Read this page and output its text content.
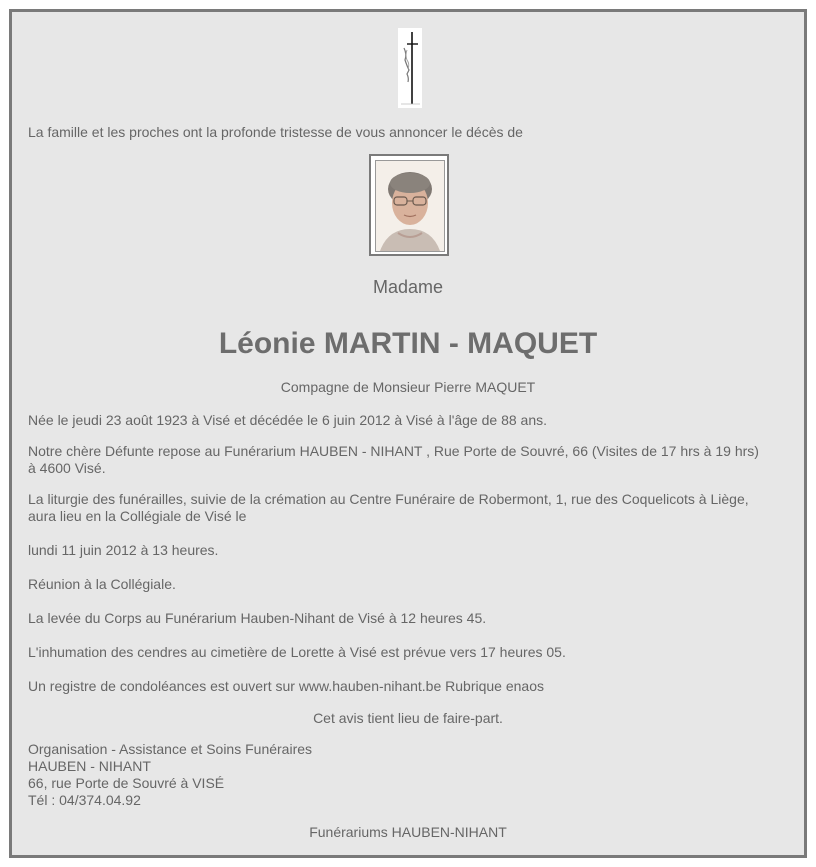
La famille et les proches ont la profonde tristesse de vous annoncer le décès de

Madame

Léonie MARTIN - MAQUET

Compagne de Monsieur Pierre MAQUET

Née le jeudi 23 août 1923 à Visé et décédée le 6 juin 2012 à Visé à l'âge de 88 ans.

Notre chère Défunte repose au Funérarium HAUBEN - NIHANT , Rue Porte de Souvré, 66 (Visites de 17 hrs à 19 hrs)
à 4600 Visé.
La liturgie des funérailles, suivie de la crémation au Centre Funéraire de Robermont, 1, rue des Coquelicots à Liège,
aura lieu en la Collégiale de Visé le

lundi 11 juin 2012 à 13 heures.

Réunion à la Collégiale.

La levée du Corps au Funérarium Hauben-Nihant de Visé à 12 heures 45.

L'inhumation des cendres au cimetière de Lorette à Visé est prévue vers 17 heures 05.

Un registre de condoléances est ouvert sur www.hauben-nihant.be Rubrique enaos

Cet avis tient lieu de faire-part.

Organisation - Assistance et Soins Funéraires
HAUBEN - NIHANT
66, rue Porte de Souvré à VISÉ
Tél : 04/374.04.92

Funérariums HAUBEN-NIHANT
